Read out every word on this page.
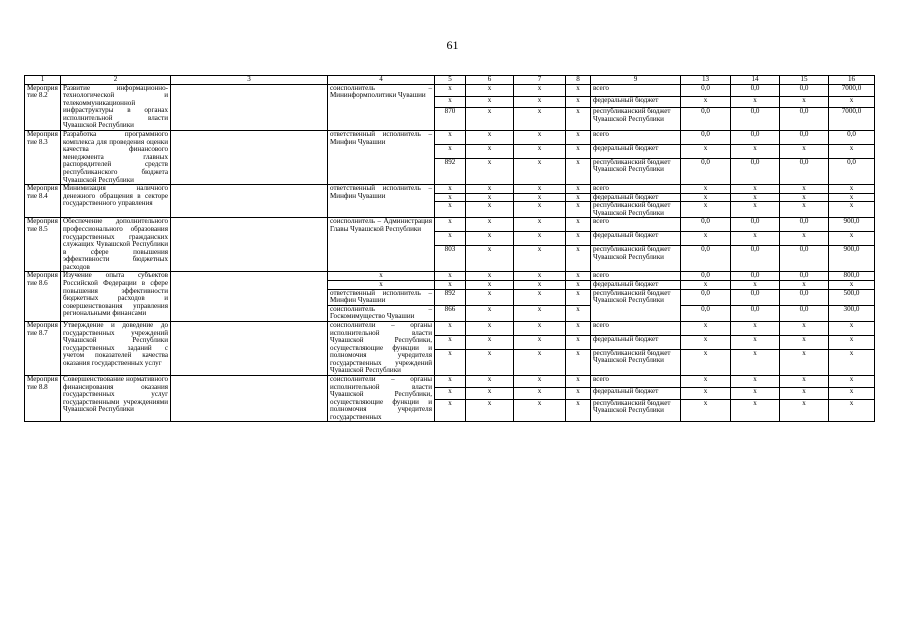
61
1	2	3	4	5	6	7	8	9	13	14	15	16
Мероприятие 8.2	Развитие информационно-технологической и телекоммуникационной инфраструктуры в органах исполнительной власти Чувашской Республики		соисполнитель – Мининформполитики Чувашии	x	x	x	x	всего	0,0	0,0	0,0	7000,0
				x	x	x	x	федеральный бюджет	x	x	x	x
				870	x	x	x	республиканский бюджет Чувашской Республики	0,0	0,0	0,0	7000,0
Мероприятие 8.3	Разработка программного комплекса для проведения оценки качества финансового менеджмента главных распорядителей средств республиканского бюджета Чувашской Республики		ответственный исполнитель – Минфин Чувашии	x	x	x	x	всего	0,0	0,0	0,0	0,0
				x	x	x	x	федеральный бюджет	x	x	x	x
				892	x	x	x	республиканский бюджет Чувашской Республики	0,0	0,0	0,0	0,0
Мероприятие 8.4	Минимизация наличного денежного обращения в секторе государственного управления		ответственный исполнитель – Минфин Чувашии	x	x	x	x	всего	x	x	x	x
				x	x	x	x	федеральный бюджет	x	x	x	x
				x	x	x	x	республиканский бюджет Чувашской Республики	x	x	x	x
Мероприятие 8.5	Обеспечение дополнительного профессионального образования государственных гражданских служащих Чувашской Республики в сфере повышения эффективности бюджетных расходов		соисполнитель – Администрация Главы Чувашской Республики	x	x	x	x	всего	0,0	0,0	0,0	900,0
				x	x	x	x	федеральный бюджет	x	x	x	x
				803	x	x	x	республиканский бюджет Чувашской Республики	0,0	0,0	0,0	900,0
Мероприятие 8.6	Изучение опыта субъектов Российской Федерации в сфере повышения эффективности бюджетных расходов и совершенствования управления региональными финансами		x	x	x	x	x	всего	0,0	0,0	0,0	800,0
			x	x	x	x	x	федеральный бюджет	x	x	x	x
			ответственный исполнитель – Минфин Чувашии	892	x	x	x	республиканский бюджет Чувашской Республики	0,0	0,0	0,0	500,0
			соисполнитель – Госкомимущество Чувашии	866	x	x	x		0,0	0,0	0,0	300,0
Мероприятие 8.7	Утверждение и доведение до государственных учреждений Чувашской Республики государственных заданий с учетом показателей качества оказания государственных услуг		соисполнители – органы исполнительной власти Чувашской Республики, осуществляющие функции и полномочия учредителя государственных учреждений Чувашской Республики	x	x	x	x	всего	x	x	x	x
				x	x	x	x	федеральный бюджет	x	x	x	x
				x	x	x	x	республиканский бюджет Чувашской Республики	x	x	x	x
Мероприятие 8.8	Совершенствование нормативного финансирования оказания государственных услуг государственными учреждениями Чувашской Республики		соисполнители – органы исполнительной власти Чувашской Республики, осуществляющие функции и полномочия учредителя государственных	x	x	x	x	всего	x	x	x	x
				x	x	x	x	федеральный бюджет	x	x	x	x
				x	x	x	x	республиканский бюджет Чувашской Республики	x	x	x	x
